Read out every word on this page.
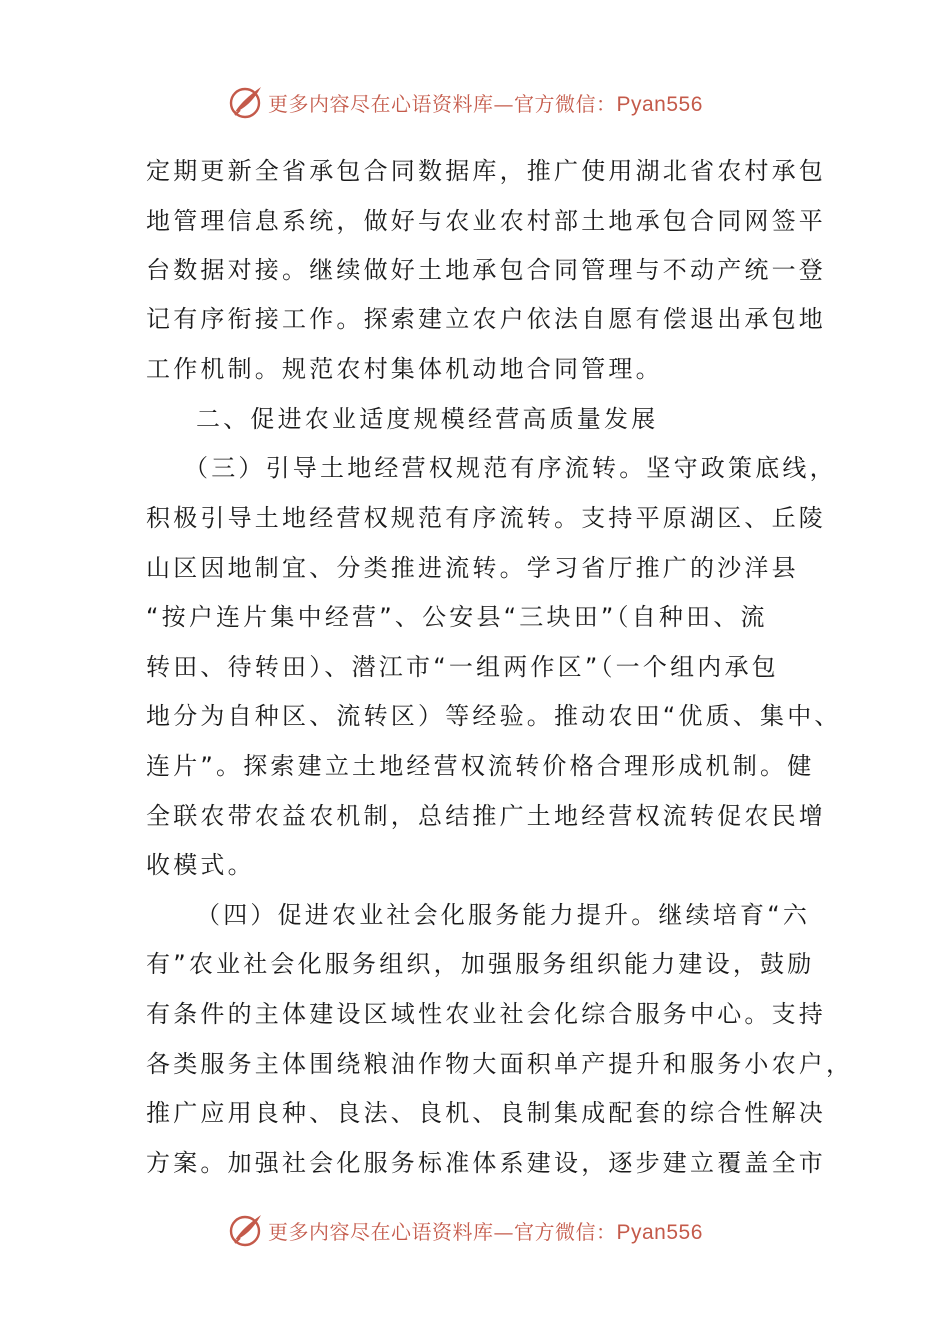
更多内容尽在心语资料库—官方微信：Pyan556
定期更新全省承包合同数据库，推广使用湖北省农村承包
地管理信息系统，做好与农业农村部土地承包合同网签平
台数据对接。继续做好土地承包合同管理与不动产统一登
记有序衔接工作。探索建立农户依法自愿有偿退出承包地
工作机制。规范农村集体机动地合同管理。
二、促进农业适度规模经营高质量发展
（三）引导土地经营权规范有序流转。坚守政策底线，
积极引导土地经营权规范有序流转。支持平原湖区、丘陵
山区因地制宜、分类推进流转。学习省厅推广的沙洋县
“按户连片集中经营”、公安县“三块田”（自种田、流
转田、待转田）、潜江市“一组两作区”（一个组内承包
地分为自种区、流转区）等经验。推动农田“优质、集中、
连片”。探索建立土地经营权流转价格合理形成机制。健
全联农带农益农机制，总结推广土地经营权流转促农民增
收模式。
（四）促进农业社会化服务能力提升。继续培育“六
有”农业社会化服务组织，加强服务组织能力建设，鼓励
有条件的主体建设区域性农业社会化综合服务中心。支持
各类服务主体围绕粮油作物大面积单产提升和服务小农户，
推广应用良种、良法、良机、良制集成配套的综合性解决
方案。加强社会化服务标准体系建设，逐步建立覆盖全市
更多内容尽在心语资料库—官方微信：Pyan556
